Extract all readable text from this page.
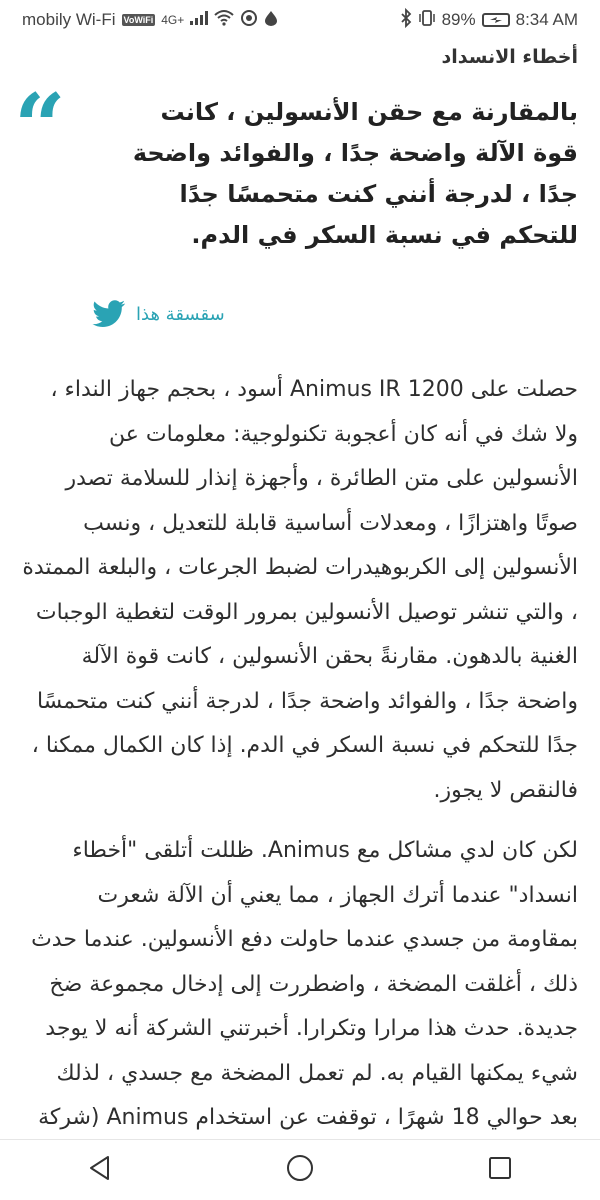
mobily Wi-Fi VoWiFi 4G+	89% 8:34 AM
أخطاء الانسداد
“	بالمقارنة مع حقن الأنسولين ، كانت قوة الآلة واضحة جدًا ، والفوائد واضحة جدًا ، لدرجة أنني كنت متحمسًا جدًا للتحكم في نسبة السكر في الدم.
سقسقة هذا

حصلت على Animus IR 1200 أسود ، بحجم جهاز النداء ، ولا شك في أنه كان أعجوبة تكنولوجية: معلومات عن الأنسولين على متن الطائرة ، وأجهزة إنذار للسلامة تصدر صوتًا واهتزازًا ، ومعدلات أساسية قابلة للتعديل ، ونسب الأنسولين إلى الكربوهيدرات لضبط الجرعات ، والبلعة الممتدة ، والتي تنشر توصيل الأنسولين بمرور الوقت لتغطية الوجبات الغنية بالدهون. مقارنةً بحقن الأنسولين ، كانت قوة الآلة واضحة جدًا ، والفوائد واضحة جدًا ، لدرجة أنني كنت متحمسًا جدًا للتحكم في نسبة السكر في الدم. إذا كان الكمال ممكنا ، فالنقص لا يجوز.

لكن كان لدي مشاكل مع Animus. ظللت أتلقى "أخطاء انسداد" عندما أترك الجهاز ، مما يعني أن الآلة شعرت بمقاومة من جسدي عندما حاولت دفع الأنسولين. عندما حدث ذلك ، أغلقت المضخة ، واضطررت إلى إدخال مجموعة ضخ جديدة. حدث هذا مرارا وتكرارا. أخبرتني الشركة أنه لا يوجد شيء يمكنها القيام به. لم تعمل المضخة مع جسدي ، لذلك بعد حوالي 18 شهرًا ، توقفت عن استخدام Animus (شركة
